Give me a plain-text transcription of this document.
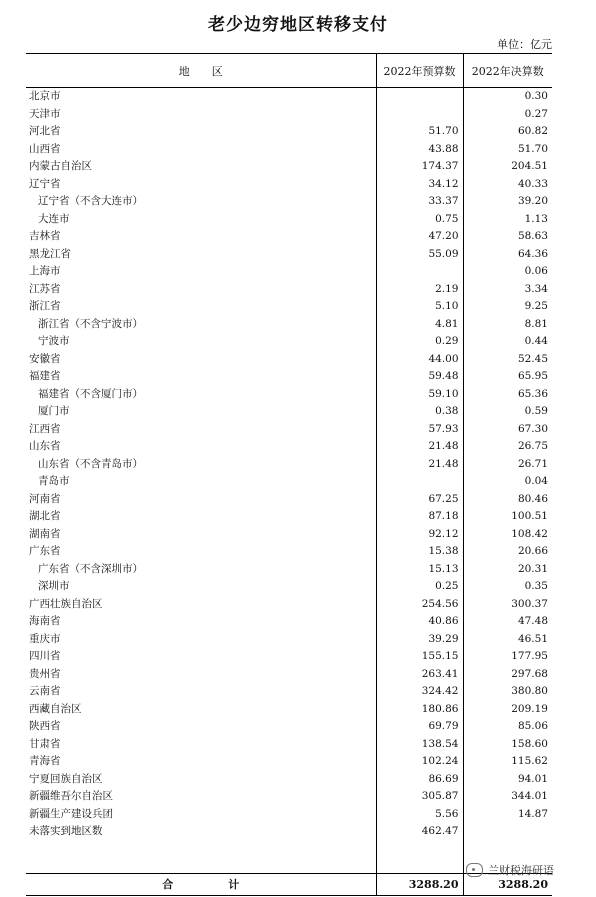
老少边穷地区转移支付
单位：亿元
地　　区	2022年预算数	2022年决算数
北京市		0.30
天津市		0.27
河北省	51.70	60.82
山西省	43.88	51.70
内蒙古自治区	174.37	204.51
辽宁省	34.12	40.33
辽宁省（不含大连市）	33.37	39.20
大连市	0.75	1.13
吉林省	47.20	58.63
黑龙江省	55.09	64.36
上海市		0.06
江苏省	2.19	3.34
浙江省	5.10	9.25
浙江省（不含宁波市）	4.81	8.81
宁波市	0.29	0.44
安徽省	44.00	52.45
福建省	59.48	65.95
福建省（不含厦门市）	59.10	65.36
厦门市	0.38	0.59
江西省	57.93	67.30
山东省	21.48	26.75
山东省（不含青岛市）	21.48	26.71
青岛市		0.04
河南省	67.25	80.46
湖北省	87.18	100.51
湖南省	92.12	108.42
广东省	15.38	20.66
广东省（不含深圳市）	15.13	20.31
深圳市	0.25	0.35
广西壮族自治区	254.56	300.37
海南省	40.86	47.48
重庆市	39.29	46.51
四川省	155.15	177.95
贵州省	263.41	297.68
云南省	324.42	380.80
西藏自治区	180.86	209.19
陕西省	69.79	85.06
甘肃省	138.54	158.60
青海省	102.24	115.62
宁夏回族自治区	86.69	94.01
新疆维吾尔自治区	305.87	344.01
新疆生产建设兵团	5.56	14.87
未落实到地区数	462.47	

合　　　　　计	3288.20	3288.20
兰财税海研语
